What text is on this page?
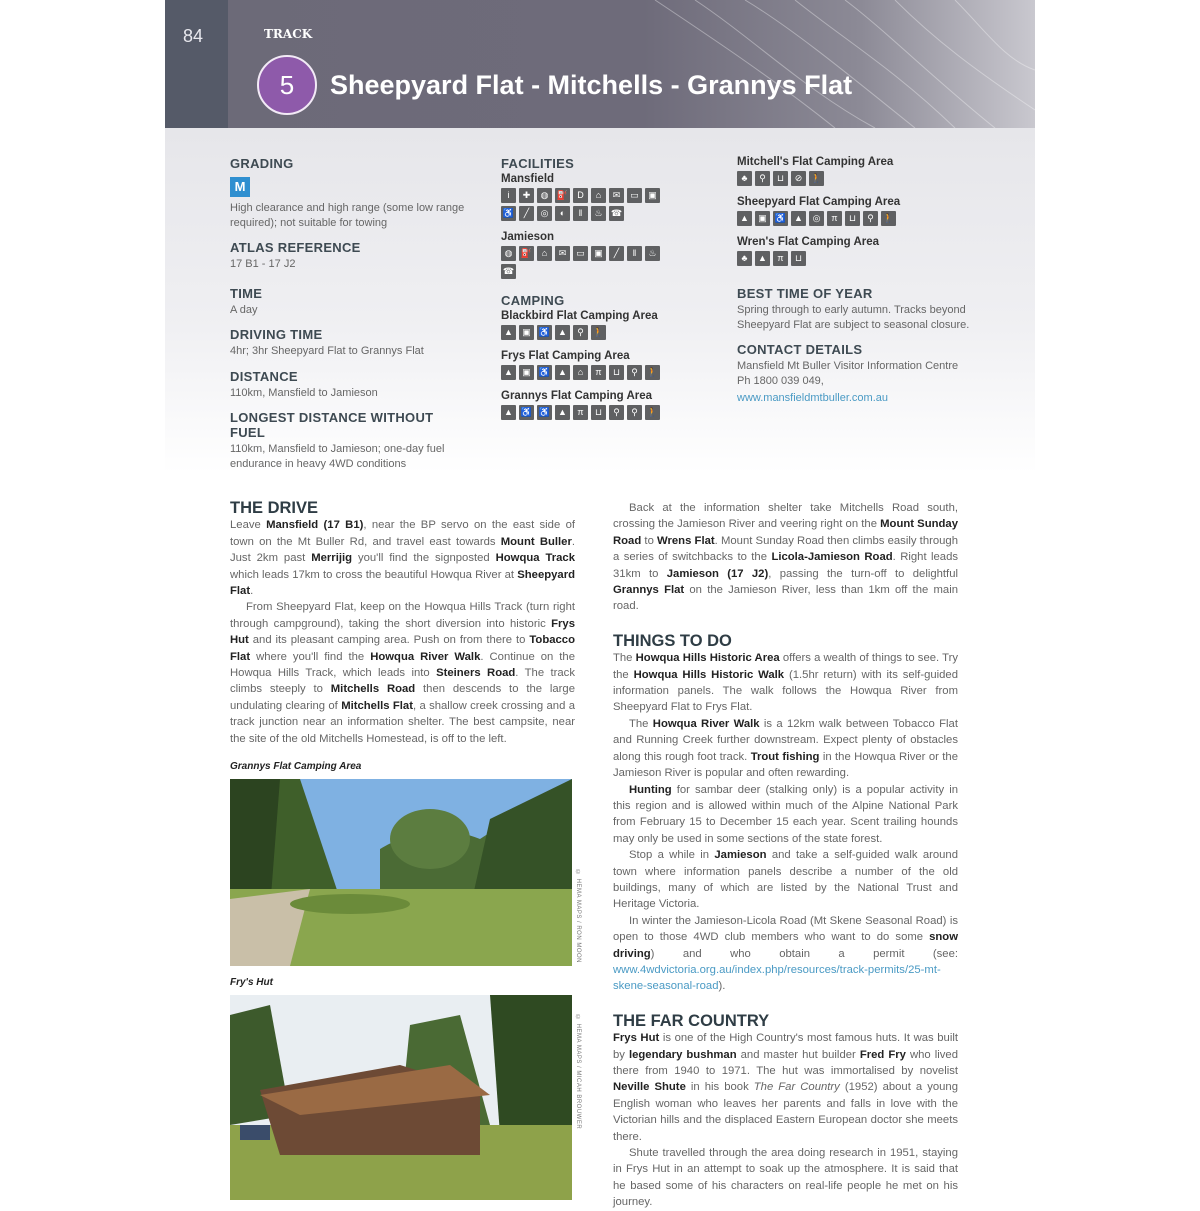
84	TRACK
5	Sheepyard Flat - Mitchells - Grannys Flat
GRADING
M
High clearance and high range (some low range required); not suitable for towing
ATLAS REFERENCE
17 B1 - 17 J2
TIME
A day
DRIVING TIME
4hr; 3hr Sheepyard Flat to Grannys Flat
DISTANCE
110km, Mansfield to Jamieson
LONGEST DISTANCE WITHOUT FUEL
110km, Mansfield to Jamieson; one-day fuel endurance in heavy 4WD conditions
FACILITIES
Mansfield
i	✚	◍ ⛽	D	⌂	✉	▭	▣
♿	╱	◎	◐	‖	♨ ☎
Jamieson
◍ ⛽	⌂	✉	▭	▣	╱	‖	♨
☎
CAMPING
Blackbird Flat Camping Area
▲	▣ ♿ ▲	⚲	🚶
Frys Flat Camping Area
▲	▣ ♿ ▲	⌂	π	⊔	⚲	🚶
Grannys Flat Camping Area
▲ ♿ ♿ ▲	π	⊔	⚲	⚲	🚶
Mitchell's Flat Camping Area
♣	⚲	⊔	⊘ 🚶
Sheepyard Flat Camping Area
▲	▣ ♿ ▲	◎	π	⊔	⚲	🚶
Wren's Flat Camping Area
♣	▲	π	⊔
BEST TIME OF YEAR
Spring through to early autumn. Tracks beyond Sheepyard Flat are subject to seasonal closure.
CONTACT DETAILS
Mansfield Mt Buller Visitor Information Centre
Ph 1800 039 049,
www.mansfieldmtbuller.com.au
THE DRIVE

Leave Mansfield (17 B1), near the BP servo on the east side of town on the Mt Buller Rd, and travel east towards Mount Buller. Just 2km past Merrijig you'll find the signposted Howqua Track which leads 17km to cross the beautiful Howqua River at Sheepyard Flat.

From Sheepyard Flat, keep on the Howqua Hills Track (turn right through campground), taking the short diversion into historic Frys Hut and its pleasant camping area. Push on from there to Tobacco Flat where you'll find the Howqua River Walk. Continue on the Howqua Hills Track, which leads into Steiners Road. The track climbs steeply to Mitchells Road then descends to the large undulating clearing of Mitchells Flat, a shallow creek crossing and a track junction near an information shelter. The best campsite, near the site of the old Mitchells Homestead, is off to the left.

Back at the information shelter take Mitchells Road south, crossing the Jamieson River and veering right on the Mount Sunday Road to Wrens Flat. Mount Sunday Road then climbs easily through a series of switchbacks to the Licola-Jamieson Road. Right leads 31km to Jamieson (17 J2), passing the turn-off to delightful Grannys Flat on the Jamieson River, less than 1km off the main road.

THINGS TO DO

The Howqua Hills Historic Area offers a wealth of things to see. Try the Howqua Hills Historic Walk (1.5hr return) with its self-guided information panels. The walk follows the Howqua River from Sheepyard Flat to Frys Flat.

The Howqua River Walk is a 12km walk between Tobacco Flat and Running Creek further downstream. Expect plenty of obstacles along this rough foot track. Trout fishing in the Howqua River or the Jamieson River is popular and often rewarding.

Hunting for sambar deer (stalking only) is a popular activity in this region and is allowed within much of the Alpine National Park from February 15 to December 15 each year. Scent trailing hounds may only be used in some sections of the state forest.

Stop a while in Jamieson and take a self-guided walk around town where information panels describe a number of the old buildings, many of which are listed by the National Trust and Heritage Victoria.

In winter the Jamieson-Licola Road (Mt Skene Seasonal Road) is open to those 4WD club members who want to do some snow driving) and who obtain a permit (see: www.4wdvictoria.org.au/index.php/resources/track-permits/25-mt-skene-seasonal-road).

THE FAR COUNTRY

Frys Hut is one of the High Country's most famous huts. It was built by legendary bushman and master hut builder Fred Fry who lived there from 1940 to 1971. The hut was immortalised by novelist Neville Shute in his book The Far Country (1952) about a young English woman who leaves her parents and falls in love with the Victorian hills and the displaced Eastern European doctor she meets there.

Shute travelled through the area doing research in 1951, staying in Frys Hut in an attempt to soak up the atmosphere. It is said that he based some of his characters on real-life people he met on his journey.

Grannys Flat Camping Area
© HEMA MAPS / RON MOON
Fry's Hut
© HEMA MAPS / MICAH BROUWER
